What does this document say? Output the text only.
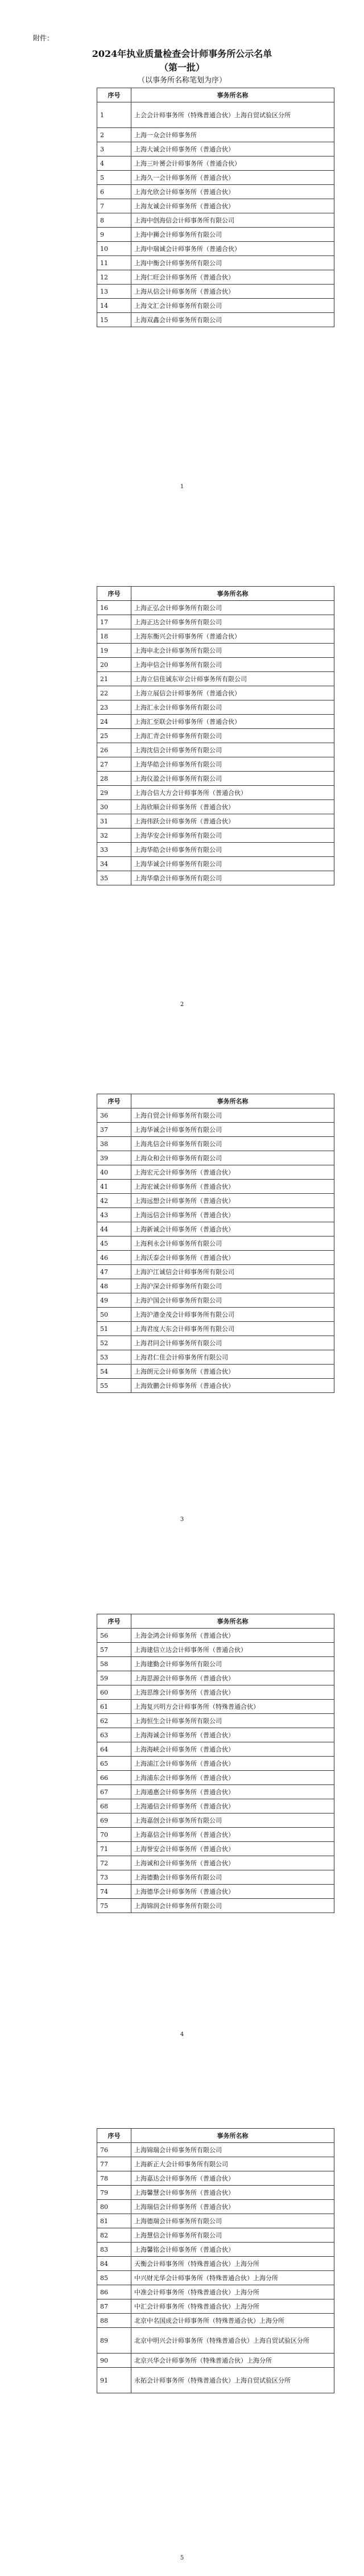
附件：
2024年执业质量检查会计师事务所公示名单
（第一批）
（以事务所名称笔划为序）
序号	事务所名称
1	上会会计师事务所（特殊普通合伙）上海自贸试验区分所
2	上海一众会计师事务所
3	上海大诚会计师事务所（普通合伙）
4	上海三叶赟会计师事务所（普通合伙）
5	上海久一会计师事务所（普通合伙）
6	上海允欣会计师事务所（普通合伙）
7	上海友诚会计师事务所（普通合伙）
8	上海中创海信会计师事务所有限公司
9	上海中狮会计师事务所有限公司
10	上海中瑞诚会计师事务所（普通合伙）
11	上海中衡会计师事务所有限公司
12	上海仁旺会计师事务所（普通合伙）
13	上海从信会计师事务所（普通合伙）
14	上海文汇会计师事务所有限公司
15	上海双鑫会计师事务所有限公司
1
序号	事务所名称
16	上海正弘会计师事务所有限公司
17	上海正达会计师事务所有限公司
18	上海东衡兴会计师事务所（普通合伙）
19	上海申北会计师事务所有限公司
20	上海申信会计师事务所有限公司
21	上海立信佳诚东审会计师事务所有限公司
22	上海立展信会计师事务所（普通合伙）
23	上海汇永会计师事务所有限公司
24	上海汇至联会计师事务所（普通合伙）
25	上海汇青会计师事务所有限公司
26	上海沈信会计师事务所有限公司
27	上海华皓会计师事务所有限公司
28	上海仪盈会计师事务所有限公司
29	上海合信大方会计师事务所（普通合伙）
30	上海欣顺会计师事务所（普通合伙）
31	上海伟跃会计师事务所（普通合伙）
32	上海华安会计师事务所有限公司
33	上海华皓会计师事务所有限公司
34	上海华诚会计师事务所有限公司
35	上海华鼎会计师事务所有限公司
2
序号	事务所名称
36	上海自贸会计师事务所有限公司
37	上海华诚会计师事务所有限公司
38	上海兆信会计师事务所有限公司
39	上海众和会计师事务所有限公司
40	上海宏元会计师事务所（普通合伙）
41	上海宏诚会计师事务所（普通合伙）
42	上海远想会计师事务所（普通合伙）
43	上海远信会计师事务所（普通合伙）
44	上海新诚会计师事务所（普通合伙）
45	上海利永会计师事务所有限公司
46	上海沃泰会计师事务所（普通合伙）
47	上海沪江诚信会计师事务所有限公司
48	上海沪深会计师事务所有限公司
49	上海沪国会计师事务所有限公司
50	上海沪港金茂会计师事务所有限公司
51	上海君度大东会计师事务所有限公司
52	上海君同会计师事务所有限公司
53	上海君仁佳会计师事务所有限公司
54	上海朗元会计师事务所（普通合伙）
55	上海致鹏会计师事务所（普通合伙）
3
序号	事务所名称
56	上海金鸿会计师事务所（普通合伙）
57	上海建信立达会计师事务所（普通合伙）
58	上海建勤会计师事务所有限公司
59	上海思源会计师事务所（普通合伙）
60	上海思维会计师事务所（普通合伙）
61	上海复兴明方会计师事务所（特殊普通合伙）
62	上海恒生会计师事务所有限公司
63	上海海诚会计师事务所（普通合伙）
64	上海海峡会计师事务所（普通合伙）
65	上海浦江会计师事务所（普通合伙）
66	上海浦东会计师事务所（普通合伙）
67	上海通惠会计师事务所（普通合伙）
68	上海通信会计师事务所（普通合伙）
69	上海嘉创会计师事务所有限公司
70	上海嘉信会计师事务所（普通合伙）
71	上海誉安会计师事务所（普通合伙）
72	上海诚和会计师事务所（普通合伙）
73	上海德勤会计师事务所有限公司
74	上海德华会计师事务所（普通合伙）
75	上海锦润会计师事务所有限公司
4
序号	事务所名称
76	上海锦瑞会计师事务所有限公司
77	上海新正大会计师事务所有限公司
78	上海嘉达会计师事务所（普通合伙）
79	上海馨慧会计师事务所（普通合伙）
80	上海瑞信会计师事务所（普通合伙）
81	上海德瑞会计师事务所有限公司
82	上海慧信会计师事务所有限公司
83	上海馨铭会计师事务所（普通合伙）
84	天衡会计师事务所（特殊普通合伙）上海分所
85	中兴财光华会计师事务所（特殊普通合伙）上海分所
86	中准会计师事务所（特殊普通合伙）上海分所
87	中汇会计师事务所（特殊普通合伙）上海分所
88	北京中名国成会计师事务所（特殊普通合伙）上海分所
89	北京中明兴会计师事务所（特殊普通合伙）上海自贸试验区分所
90	北京兴华会计师事务所（特殊普通合伙）上海分所
91	永拓会计师事务所（特殊普通合伙）上海自贸试验区分所
5
